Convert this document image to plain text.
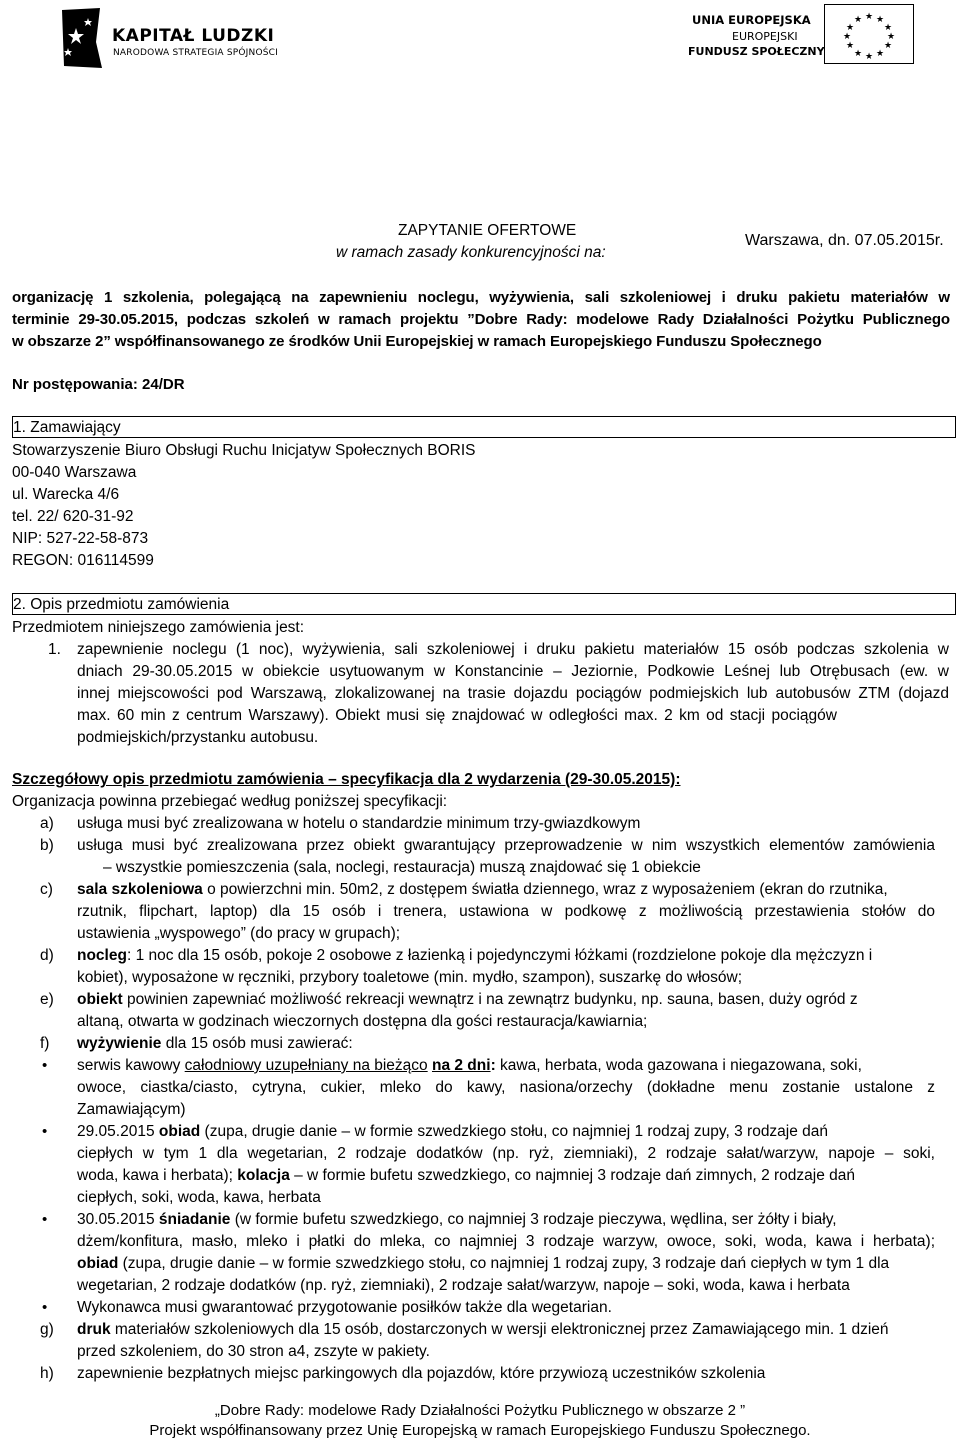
KAPITAŁ LUDZKI
NARODOWA STRATEGIA SPÓJNOŚCI
UNIA EUROPEJSKA
EUROPEJSKI
FUNDUSZ SPOŁECZNY
★ ★
★
★
★
★
★
★
★
★
★
★
ZAPYTANIE OFERTOWE
w ramach zasady konkurencyjności na:
Warszawa, dn. 07.05.2015r.
organizację 1 szkolenia, polegającą na zapewnieniu noclegu, wyżywienia, sali szkoleniowej i druku pakietu materiałów w
terminie 29-30.05.2015, podczas szkoleń w ramach projektu ”Dobre Rady: modelowe Rady Działalności Pożytku Publicznego
w obszarze 2” współfinansowanego ze środków Unii Europejskiej w ramach Europejskiego Funduszu Społecznego
Nr postępowania: 24/DR
1. Zamawiający
Stowarzyszenie Biuro Obsługi Ruchu Inicjatyw Społecznych BORIS
00-040 Warszawa
ul. Warecka 4/6
tel. 22/ 620-31-92
NIP: 527-22-58-873
REGON: 016114599
2. Opis przedmiotu zamówienia
Przedmiotem niniejszego zamówienia jest:
1. zapewnienie noclegu (1 noc), wyżywienia, sali szkoleniowej i druku pakietu materiałów 15 osób podczas szkolenia w
dniach 29-30.05.2015 w obiekcie usytuowanym w Konstancinie – Jeziornie, Podkowie Leśnej lub Otrębusach (ew. w
innej miejscowości pod Warszawą, zlokalizowanej na trasie dojazdu pociągów podmiejskich lub autobusów ZTM (dojazd
max. 60 min z centrum Warszawy). Obiekt musi się znajdować w odległości max. 2 km od stacji pociągów
podmiejskich/przystanku autobusu.
Szczegółowy opis przedmiotu zamówienia – specyfikacja dla 2 wydarzenia (29-30.05.2015):
Organizacja powinna przebiegać według poniższej specyfikacji:
a) usługa musi być zrealizowana w hotelu o standardzie minimum trzy-gwiazdkowym
b) usługa musi być zrealizowana przez obiekt gwarantujący przeprowadzenie w nim wszystkich elementów zamówienia
– wszystkie pomieszczenia (sala, noclegi, restauracja) muszą znajdować się 1 obiekcie
c) sala szkoleniowa o powierzchni min. 50m2, z dostępem światła dziennego, wraz z wyposażeniem (ekran do rzutnika,
rzutnik, flipchart, laptop) dla 15 osób i trenera, ustawiona w podkowę z możliwością przestawienia stołów do
ustawienia „wyspowego” (do pracy w grupach);
d) nocleg: 1 noc dla 15 osób, pokoje 2 osobowe z łazienką i pojedynczymi łóżkami (rozdzielone pokoje dla mężczyzn i
kobiet), wyposażone w ręczniki, przybory toaletowe (min. mydło, szampon), suszarkę do włosów;
e) obiekt powinien zapewniać możliwość rekreacji wewnątrz i na zewnątrz budynku, np. sauna, basen, duży ogród z
altaną, otwarta w godzinach wieczornych dostępna dla gości restauracja/kawiarnia;
f) wyżywienie dla 15 osób musi zawierać:
• serwis kawowy całodniowy uzupełniany na bieżąco na 2 dni: kawa, herbata, woda gazowana i niegazowana, soki,
owoce, ciastka/ciasto, cytryna, cukier, mleko do kawy, nasiona/orzechy (dokładne menu zostanie ustalone z
Zamawiającym)
• 29.05.2015 obiad (zupa, drugie danie – w formie szwedzkiego stołu, co najmniej 1 rodzaj zupy, 3 rodzaje dań
ciepłych w tym 1 dla wegetarian, 2 rodzaje dodatków (np. ryż, ziemniaki), 2 rodzaje sałat/warzyw, napoje – soki,
woda, kawa i herbata); kolacja – w formie bufetu szwedzkiego, co najmniej 3 rodzaje dań zimnych, 2 rodzaje dań
ciepłych, soki, woda, kawa, herbata
• 30.05.2015 śniadanie (w formie bufetu szwedzkiego, co najmniej 3 rodzaje pieczywa, wędlina, ser żółty i biały,
dżem/konfitura, masło, mleko i płatki do mleka, co najmniej 3 rodzaje warzyw, owoce, soki, woda, kawa i herbata);
obiad (zupa, drugie danie – w formie szwedzkiego stołu, co najmniej 1 rodzaj zupy, 3 rodzaje dań ciepłych w tym 1 dla
wegetarian, 2 rodzaje dodatków (np. ryż, ziemniaki), 2 rodzaje sałat/warzyw, napoje – soki, woda, kawa i herbata
• Wykonawca musi gwarantować przygotowanie posiłków także dla wegetarian.
g) druk materiałów szkoleniowych dla 15 osób, dostarczonych w wersji elektronicznej przez Zamawiającego min. 1 dzień
przed szkoleniem, do 30 stron a4, zszyte w pakiety.
h) zapewnienie bezpłatnych miejsc parkingowych dla pojazdów, które przywiozą uczestników szkolenia
„Dobre Rady: modelowe Rady Działalności Pożytku Publicznego w obszarze 2 ”
Projekt współfinansowany przez Unię Europejską w ramach Europejskiego Funduszu Społecznego.
